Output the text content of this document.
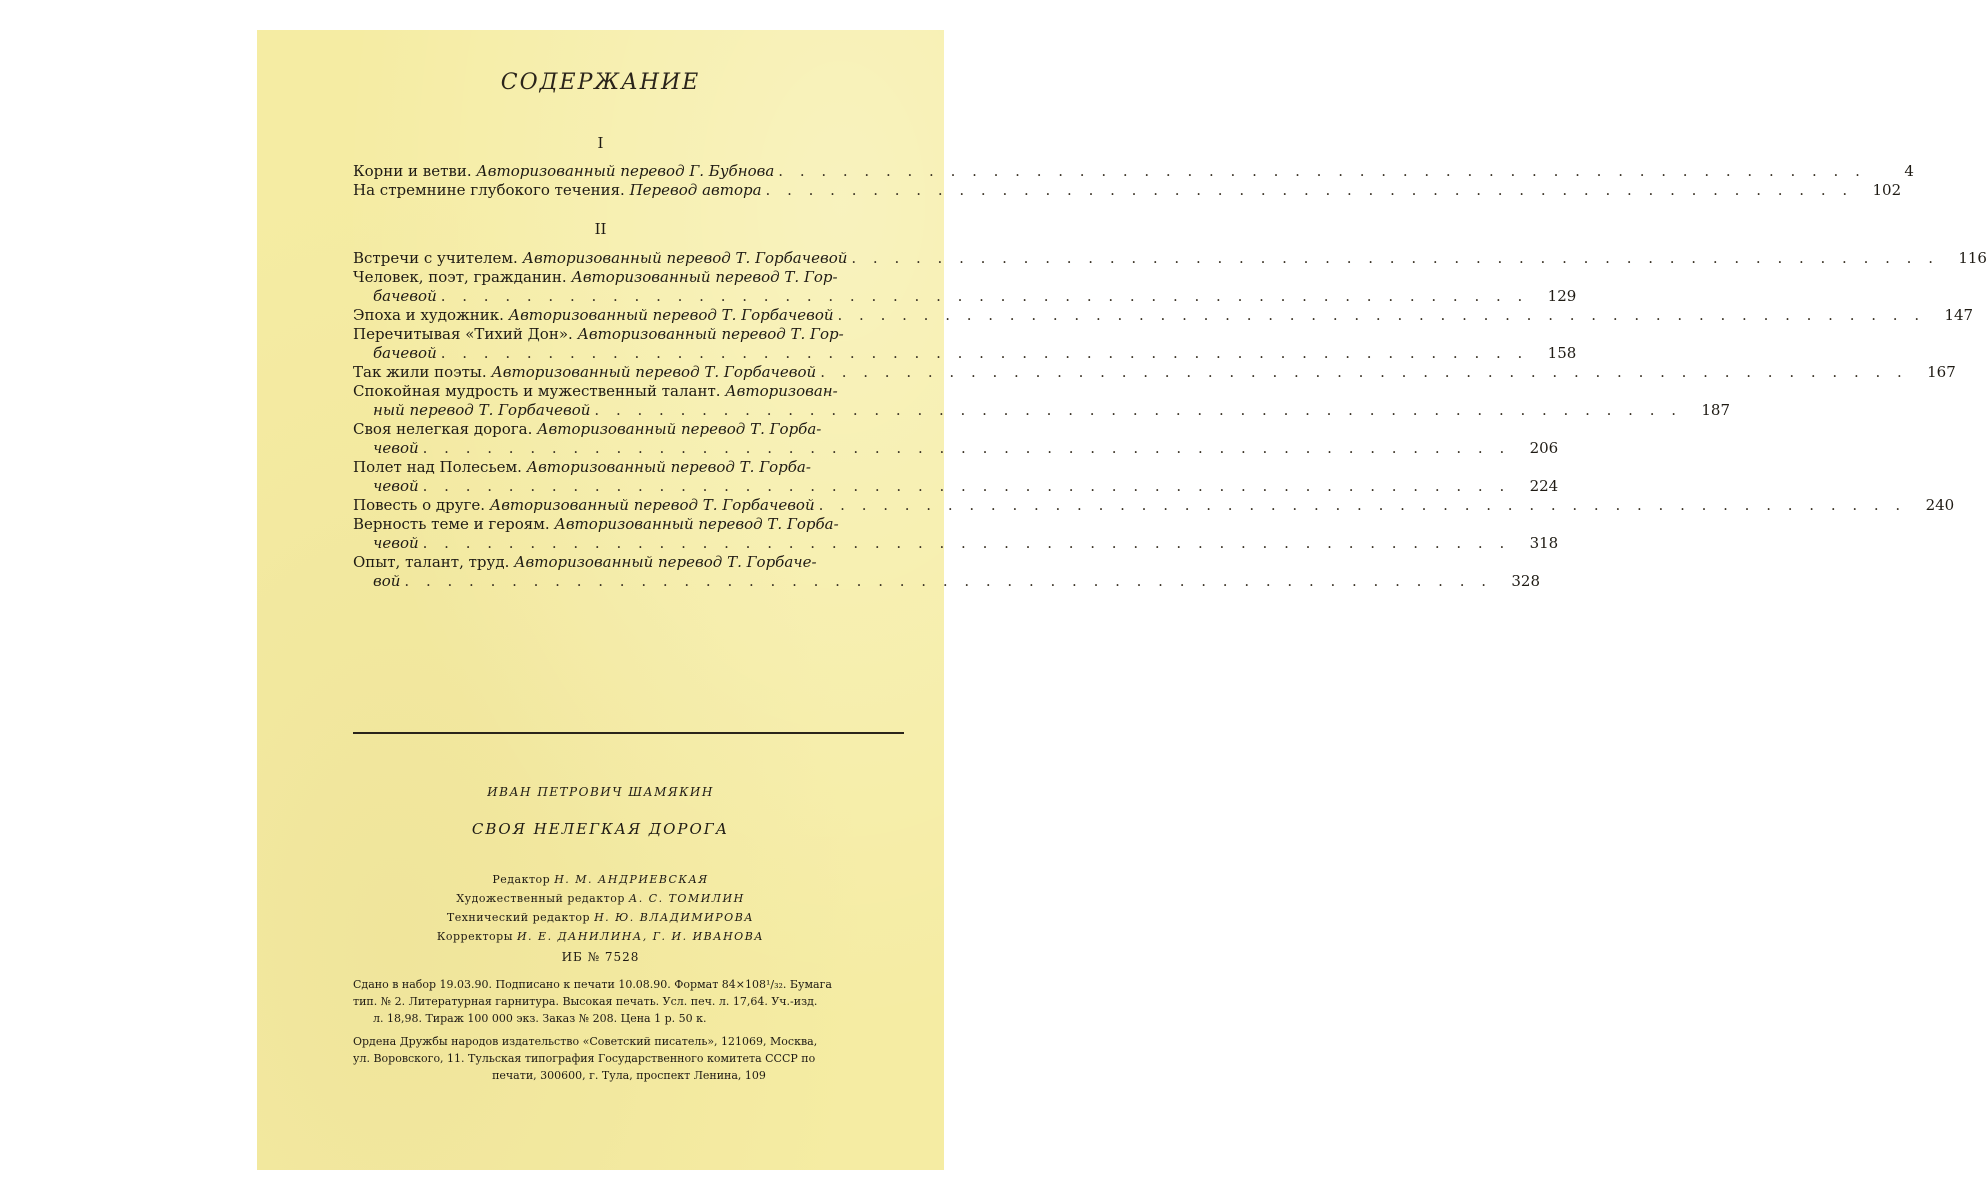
СОДЕРЖАНИЕ
I
Корни и ветви.
Авторизованный перевод Г. Бубнова . . . . . . . . . . . . . . . . . . . . . . . . . . . . . . . . . . . . . . . . . . . . . . . . . . .	4
На стремнине глубокого течения.
Перевод автора . . . . . . . . . . . . . . . . . . . . . . . . . . . . . . . . . . . . . . . . . . . . . . . . . . .	102
II
Встречи с учителем.
Авторизованный перевод Т. Горбачевой . . . . . . . . . . . . . . . . . . . . . . . . . . . . . . . . . . . . . . . . . . . . . . . . . . .	116
Человек, поэт, гражданин.
Авторизованный перевод Т. Гор-
бачевой . . . . . . . . . . . . . . . . . . . . . . . . . . . . . . . . . . . . . . . . . . . . . . . . . . .	129
Эпоха и художник.
Авторизованный перевод Т. Горбачевой . . . . . . . . . . . . . . . . . . . . . . . . . . . . . . . . . . . . . . . . . . . . . . . . . . .	147
Перечитывая «Тихий Дон».
Авторизованный перевод Т. Гор-
бачевой . . . . . . . . . . . . . . . . . . . . . . . . . . . . . . . . . . . . . . . . . . . . . . . . . . .	158
Так жили поэты.
Авторизованный перевод Т. Горбачевой . . . . . . . . . . . . . . . . . . . . . . . . . . . . . . . . . . . . . . . . . . . . . . . . . . .	167
Спокойная мудрость и мужественный талант.
Авторизован-
ный перевод Т. Горбачевой . . . . . . . . . . . . . . . . . . . . . . . . . . . . . . . . . . . . . . . . . . . . . . . . . . .	187
Своя нелегкая дорога.
Авторизованный перевод Т. Горба-
чевой . . . . . . . . . . . . . . . . . . . . . . . . . . . . . . . . . . . . . . . . . . . . . . . . . . .	206
Полет над Полесьем.
Авторизованный перевод Т. Горба-
чевой . . . . . . . . . . . . . . . . . . . . . . . . . . . . . . . . . . . . . . . . . . . . . . . . . . .	224
Повесть о друге.
Авторизованный перевод Т. Горбачевой . . . . . . . . . . . . . . . . . . . . . . . . . . . . . . . . . . . . . . . . . . . . . . . . . . .	240
Верность теме и героям.
Авторизованный перевод Т. Горба-
чевой . . . . . . . . . . . . . . . . . . . . . . . . . . . . . . . . . . . . . . . . . . . . . . . . . . .	318
Опыт, талант, труд.
Авторизованный перевод Т. Горбаче-
вой . . . . . . . . . . . . . . . . . . . . . . . . . . . . . . . . . . . . . . . . . . . . . . . . . . .	328
ИВАН ПЕТРОВИЧ ШАМЯКИН
СВОЯ НЕЛЕГКАЯ ДОРОГА
Редактор Н. М. АНДРИЕВСКАЯ
Художественный редактор А. С. ТОМИЛИН
Технический редактор Н. Ю. ВЛАДИМИРОВА
Корректоры И. Е. ДАНИЛИНА, Г. И. ИВАНОВА
ИБ № 7528
Сдано в набор 19.03.90. Подписано к печати 10.08.90. Формат 84×108¹/₃₂. Бумага
тип. № 2. Литературная гарнитура. Высокая печать. Усл. печ. л. 17,64. Уч.-изд.
л. 18,98. Тираж 100 000 экз. Заказ № 208. Цена 1 р. 50 к.
Ордена Дружбы народов издательство «Советский писатель», 121069, Москва,
ул. Воровского, 11. Тульская типография Государственного комитета СССР по
печати, 300600, г. Тула, проспект Ленина, 109
